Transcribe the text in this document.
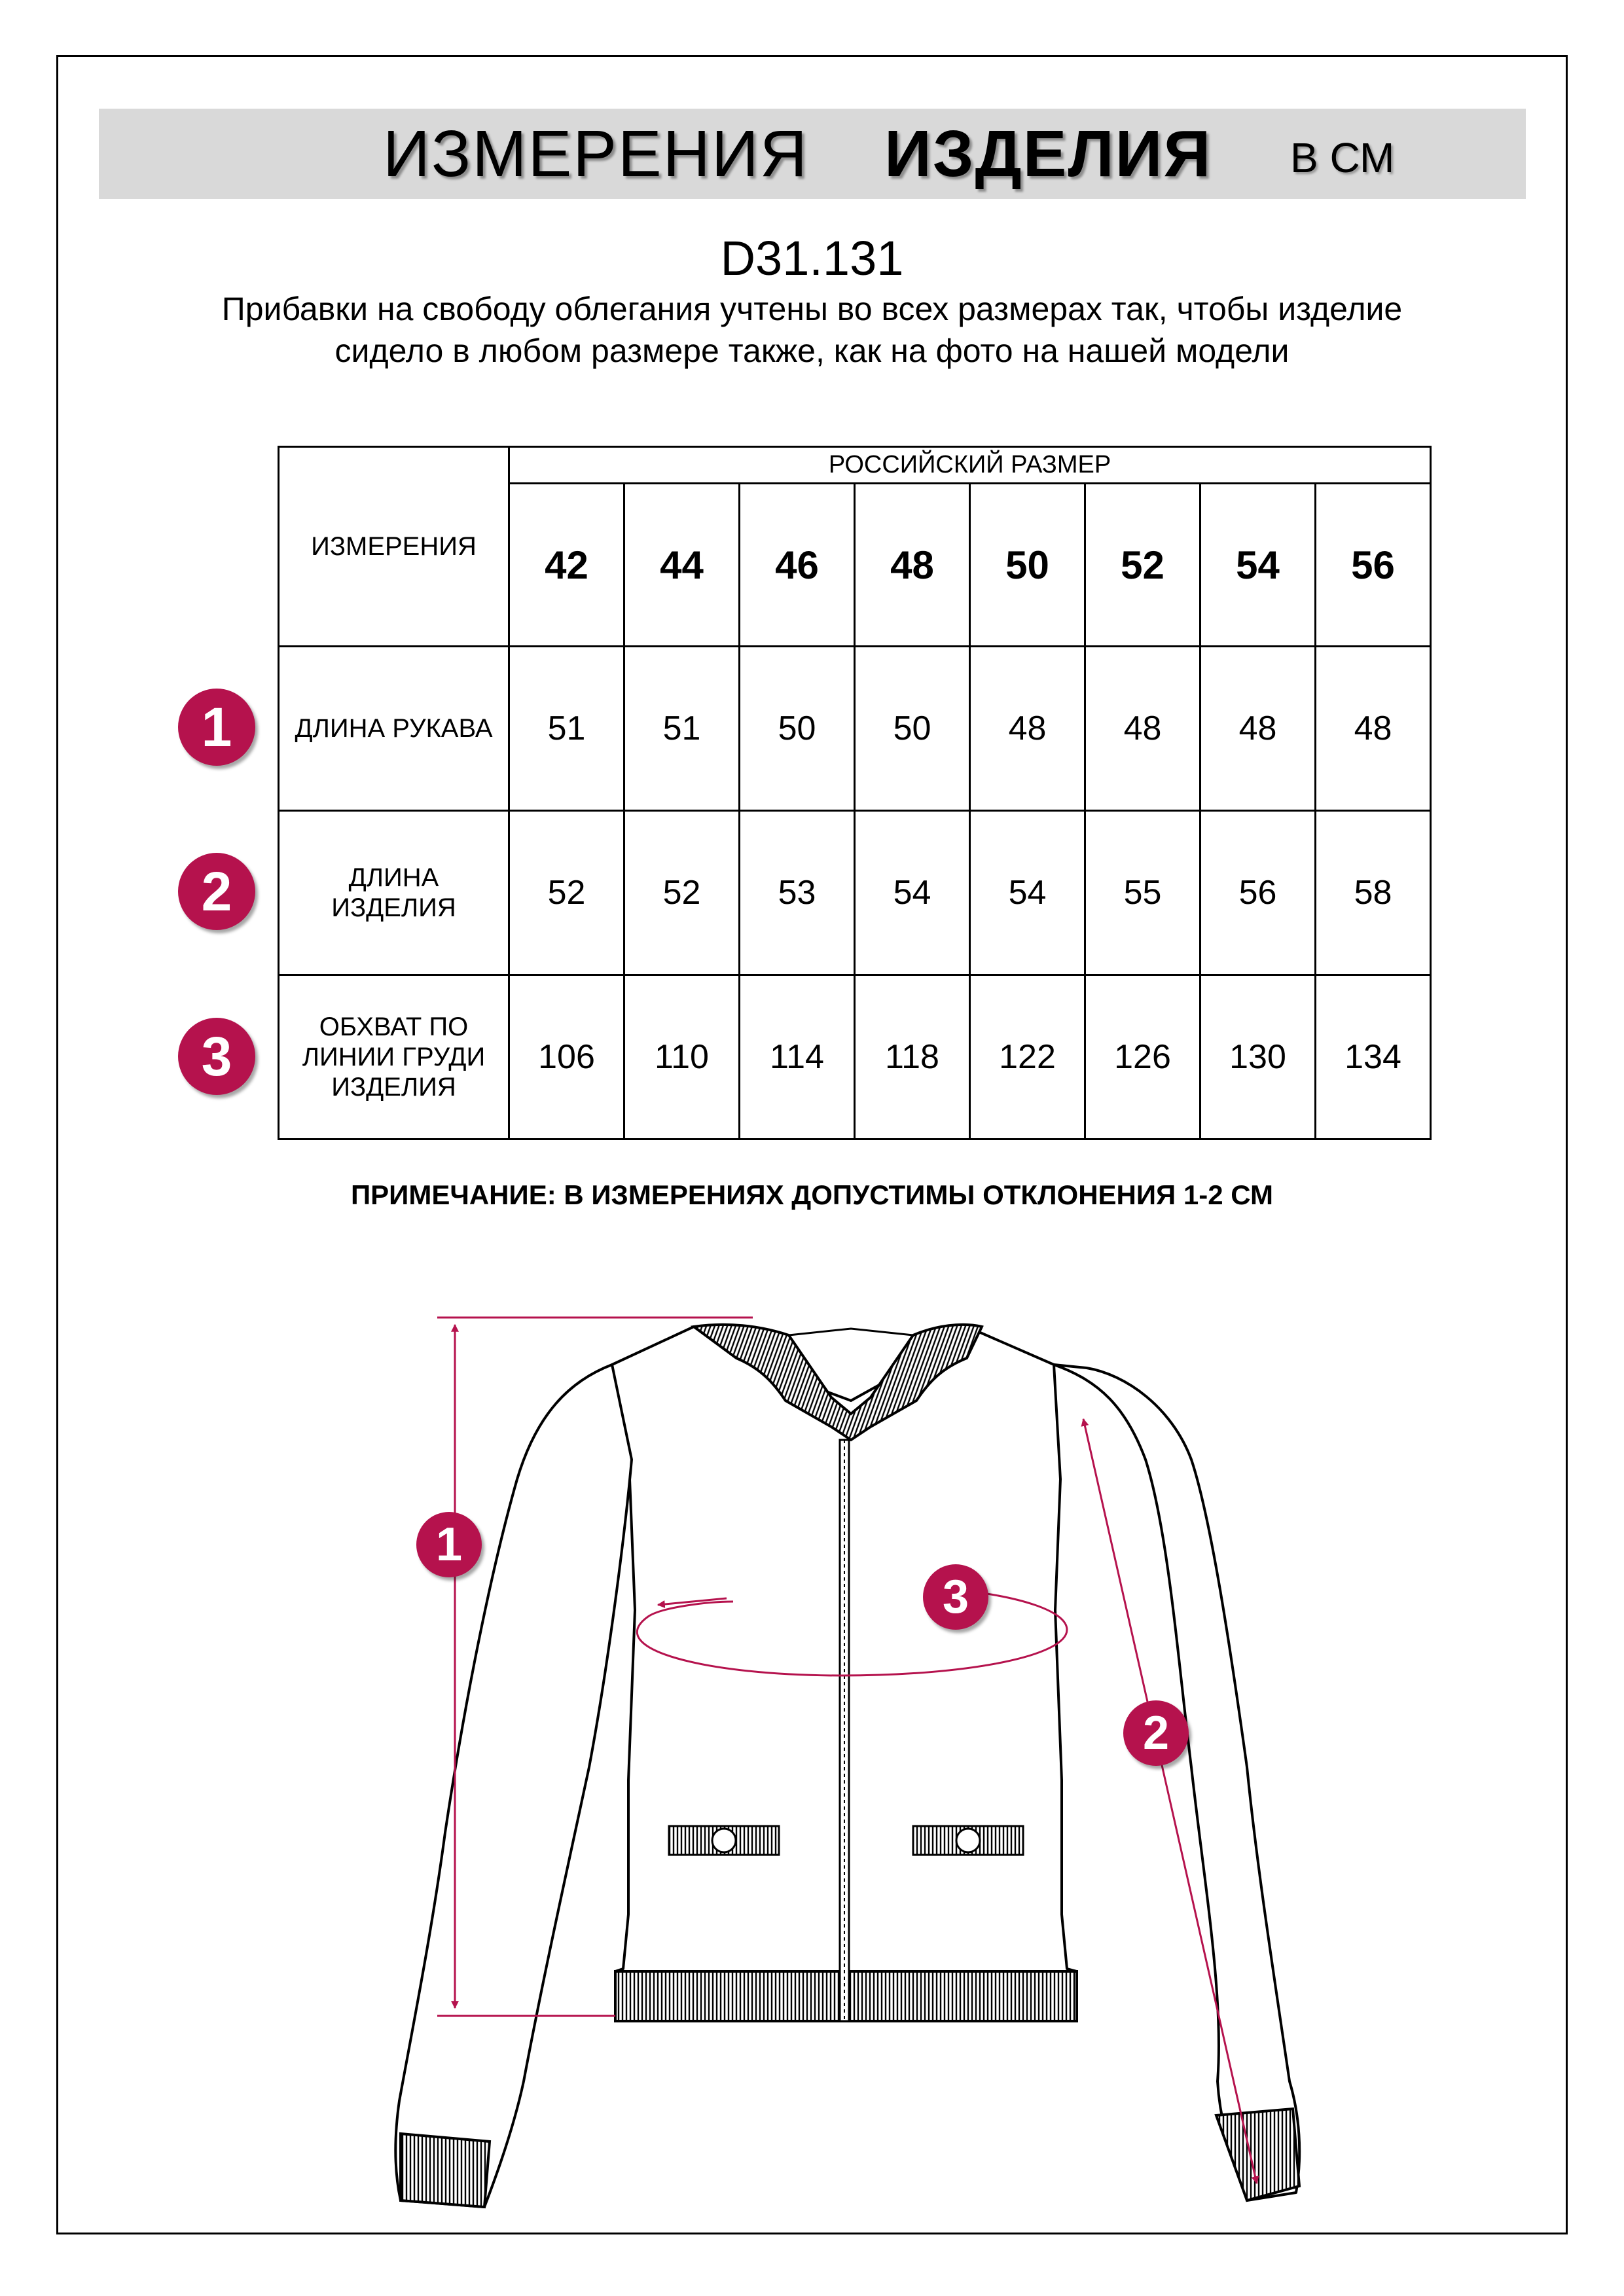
ИЗМЕРЕНИЯ ИЗДЕЛИЯ В СМ
D31.131
Прибавки на свободу облегания учтены во всех размерах так, чтобы изделие сидело в любом размере также, как на фото на нашей модели
ИЗМЕРЕНИЯ	РОССИЙСКИЙ РАЗМЕР							
	42	44	46	48	50	52	54	56
ДЛИНА РУКАВА	51	51	50	50	48	48	48	48
ДЛИНА
ИЗДЕЛИЯ	52	52	53	54	54	55	56	58
ОБХВАТ ПО
ЛИНИИ ГРУДИ
ИЗДЕЛИЯ	106	110	114	118	122	126	130	134
1
2
3
ПРИМЕЧАНИЕ: В ИЗМЕРЕНИЯХ ДОПУСТИМЫ ОТКЛОНЕНИЯ 1-2 СМ
1
2
3
